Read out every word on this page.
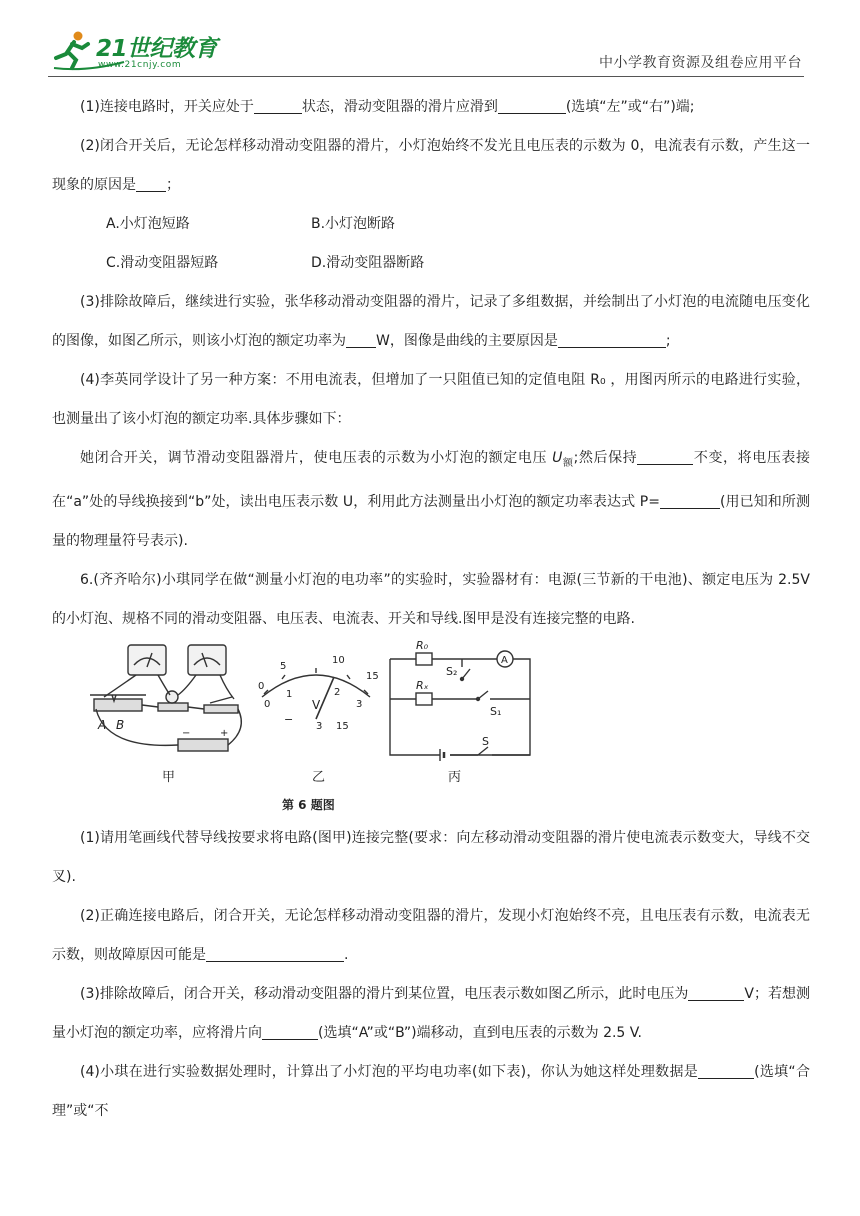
21世纪教育
www.21cnjy.com	中小学教育资源及组卷应用平台

(1)连接电路时，开关应处于	状态，滑动变阻器的滑片应滑到	(选填“左”或“右”)端;

(2)闭合开关后，无论怎样移动滑动变阻器的滑片，小灯泡始终不发光且电压表的示数为 0，电流表有示数，产生这一现象的原因是 ；

A.小灯泡短路	B.小灯泡断路

C.滑动变阻器短路	D.滑动变阻器断路

(3)排除故障后，继续进行实验，张华移动滑动变阻器的滑片，记录了多组数据，并绘制出了小灯泡的电流随电压变化的图像，如图乙所示，则该小灯泡的额定功率为 W，图像是曲线的主要原因是	;

(4)李英同学设计了另一种方案：不用电流表，但增加了一只阻值已知的定值电阻 R₀ ，用图丙所示的电路进行实验，也测量出了该小灯泡的额定功率.具体步骤如下：

她闭合开关，调节滑动变阻器滑片，使电压表的示数为小灯泡的额定电压 $U_额$;然后保持	不变，将电压表接在“a”处的导线换接到“b”处，读出电压表示数 U，利用此方法测量出小灯泡的额定功率表达式 P=	(用已知和所测量的物理量符号表示).

6.(齐齐哈尔)小琪同学在做“测量小灯泡的电功率”的实验时，实验器材有：电源(三节新的干电池)、额定电压为 2.5V 的小灯泡、规格不同的滑动变阻器、电压表、电流表、开关和导线.图甲是没有连接完整的电路.

A B
−	+
甲
0
5
10
15
0
1	2
3
V
−
3 15
乙
R₀
Rₓ
A
S₂
S₁
S
丙
第 6 题图

(1)请用笔画线代替导线按要求将电路(图甲)连接完整(要求：向左移动滑动变阻器的滑片使电流表示数变大，导线不交叉).

(2)正确连接电路后，闭合开关，无论怎样移动滑动变阻器的滑片，发现小灯泡始终不亮，且电压表有示数，电流表无示数，则故障原因可能是	.

(3)排除故障后，闭合开关，移动滑动变阻器的滑片到某位置，电压表示数如图乙所示，此时电压为	V；若想测量小灯泡的额定功率，应将滑片向	(选填“A”或“B”)端移动，直到电压表的示数为 2.5 V.

(4)小琪在进行实验数据处理时，计算出了小灯泡的平均电功率(如下表)，你认为她这样处理数据是	(选填“合理”或“不
